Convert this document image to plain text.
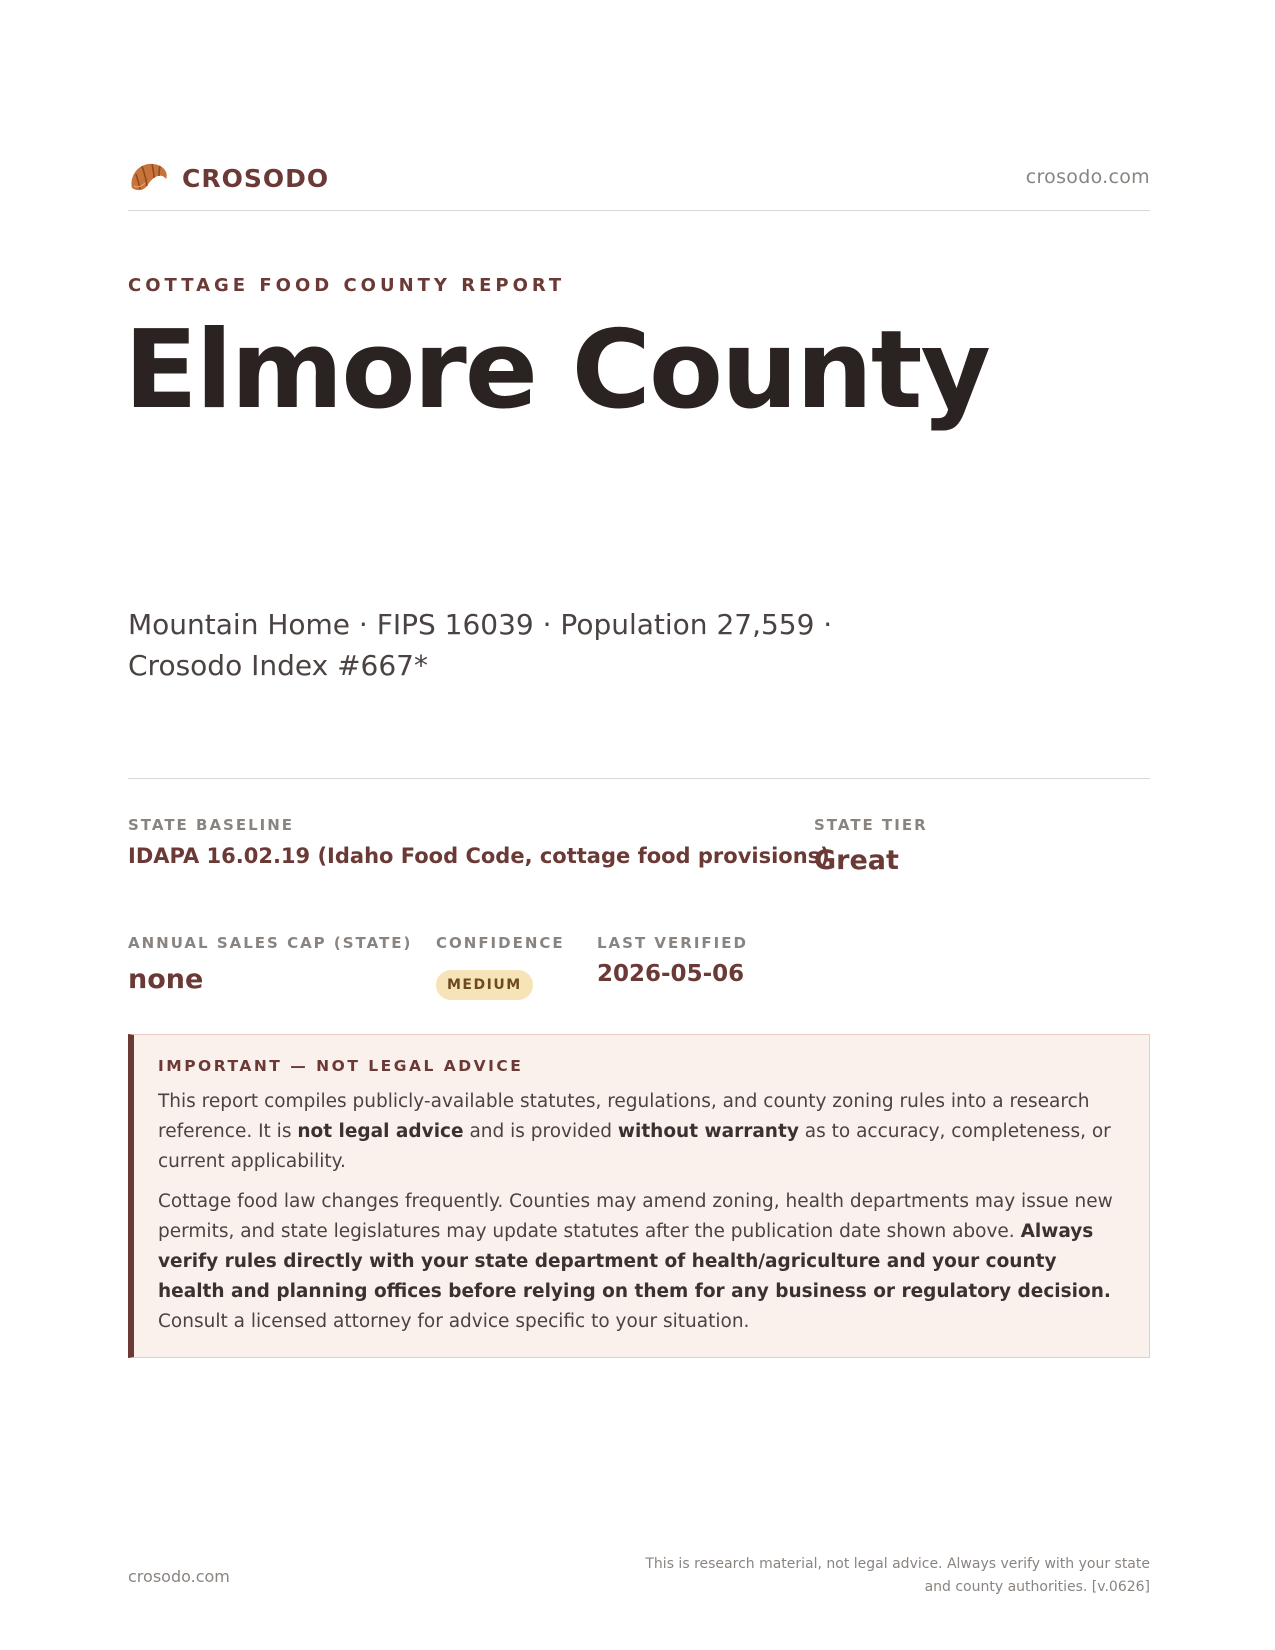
CROSODO	crosodo.com
COTTAGE FOOD COUNTY REPORT
Elmore County
Mountain Home · FIPS 16039 · Population 27,559 · Crosodo Index #667*
STATE BASELINE
IDAPA 16.02.19 (Idaho Food Code, cottage food provisions)
STATE TIER
Great
ANNUAL SALES CAP (STATE)
none
CONFIDENCE
MEDIUM
LAST VERIFIED
2026-05-06
IMPORTANT — NOT LEGAL ADVICE

This report compiles publicly-available statutes, regulations, and county zoning rules into a research reference. It is not legal advice and is provided without warranty as to accuracy, completeness, or current applicability.

Cottage food law changes frequently. Counties may amend zoning, health departments may issue new permits, and state legislatures may update statutes after the publication date shown above. Always verify rules directly with your state department of health/agriculture and your county health and planning offices before relying on them for any business or regulatory decision. Consult a licensed attorney for advice specific to your situation.

crosodo.com
This is research material, not legal advice. Always verify with your state and county authorities. [v.0626]
